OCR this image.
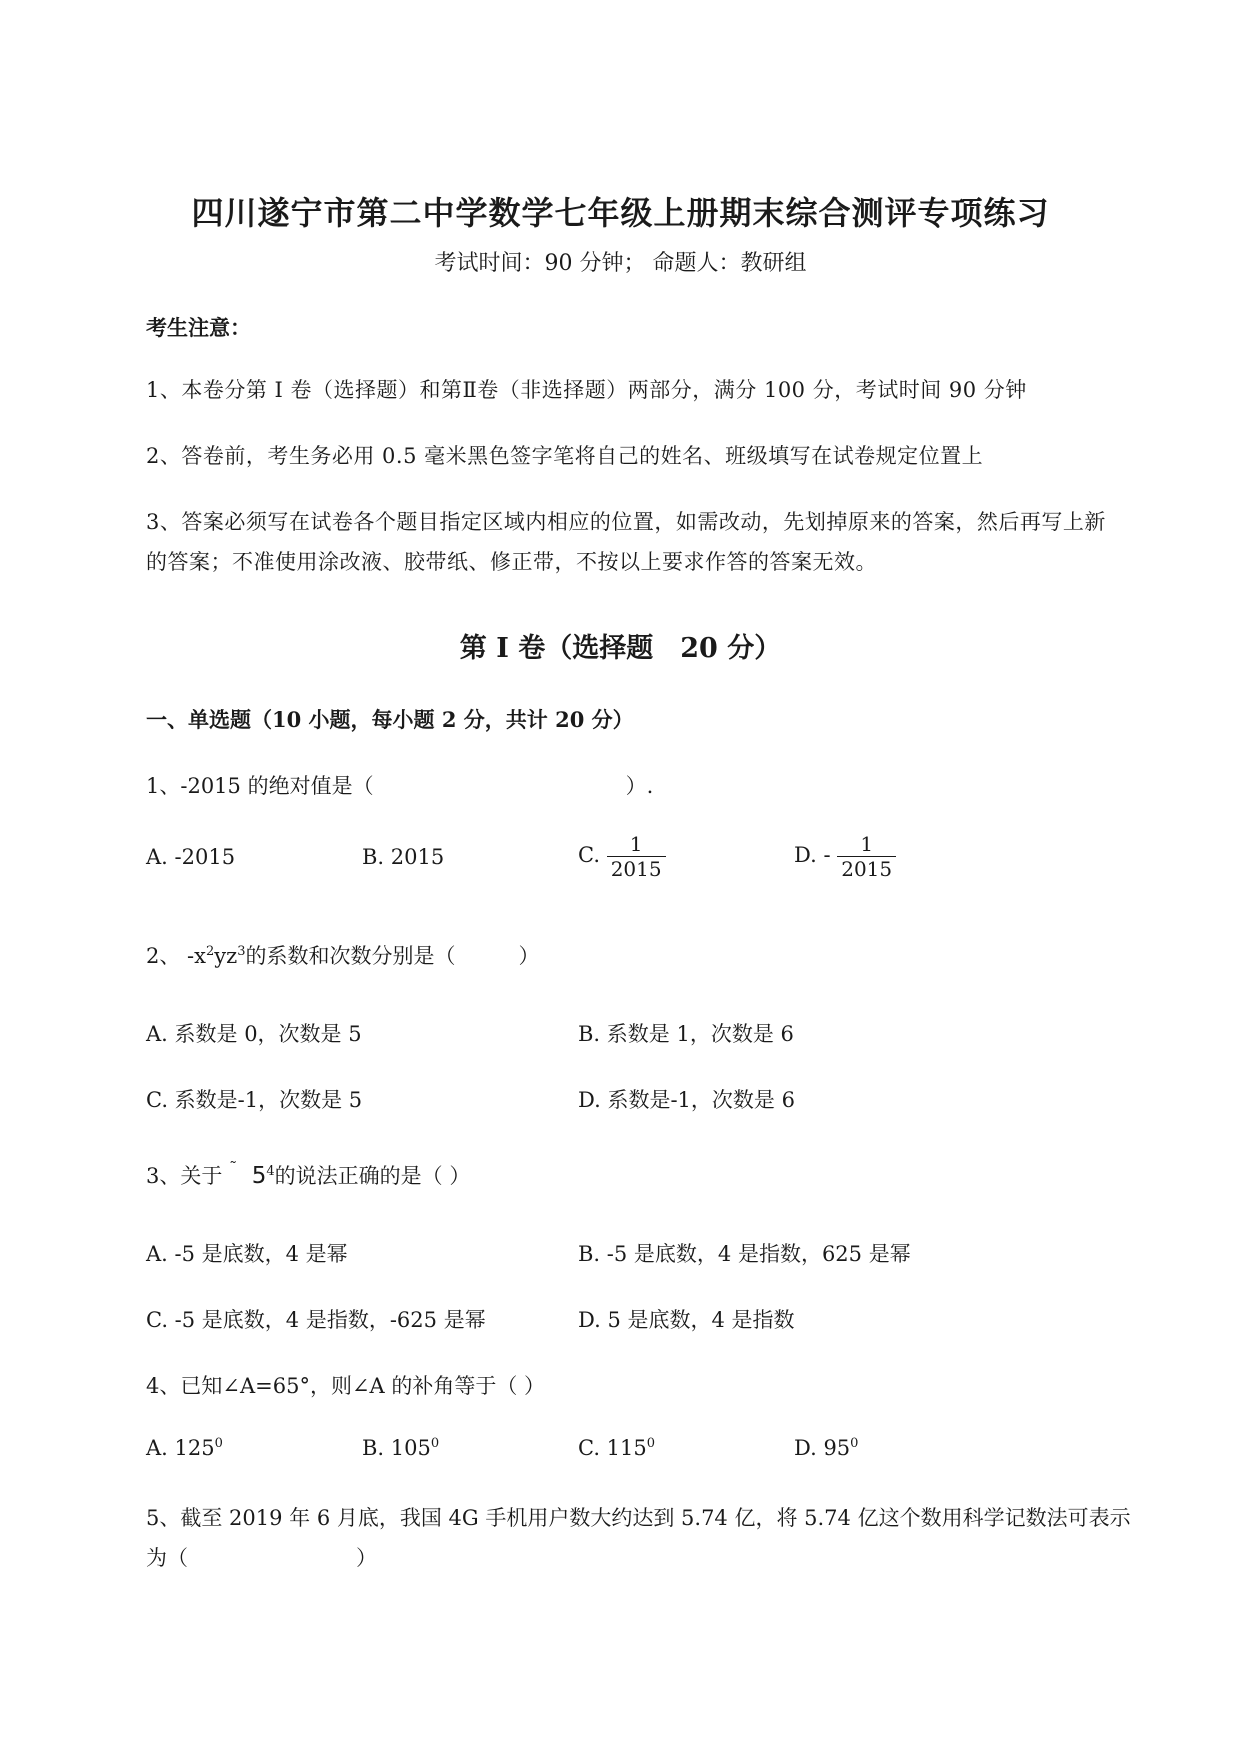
四川遂宁市第二中学数学七年级上册期末综合测评专项练习
考试时间：90 分钟； 命题人：教研组
考生注意：
1、本卷分第 I 卷（选择题）和第Ⅱ卷（非选择题）两部分，满分 100 分，考试时间 90 分钟
2、答卷前，考生务必用 0.5 毫米黑色签字笔将自己的姓名、班级填写在试卷规定位置上
3、答案必须写在试卷各个题目指定区域内相应的位置，如需改动，先划掉原来的答案，然后再写上新
的答案；不准使用涂改液、胶带纸、修正带，不按以上要求作答的答案无效。
第 I 卷（选择题　20 分）
一、单选题（10 小题，每小题 2 分，共计 20 分）
1、-2015 的绝对值是（　　　　　　　　　　　　）.
A. -2015	B. 2015	C. $\frac{1}{2015}$	D. - $\frac{1}{2015}$
2、 $-x^2yz^3$的系数和次数分别是（　　　）
A. 系数是 0，次数是 5	B. 系数是 1，次数是 6
C. 系数是-1，次数是 5	D. 系数是-1，次数是 6
3、关于 ˜ $5^4$的说法正确的是（ ）
A. -5 是底数，4 是幂	B. -5 是底数，4 是指数，625 是幂
C. -5 是底数，4 是指数，-625 是幂	D. 5 是底数，4 是指数
4、已知∠A=65°，则∠A 的补角等于（ ）
A. $125^0$	B. $105^0$	C. $115^0$	D. $95^0$
5、截至 2019 年 6 月底，我国 4G 手机用户数大约达到 5.74 亿，将 5.74 亿这个数用科学记数法可表示
为（　　　　　　　　）
